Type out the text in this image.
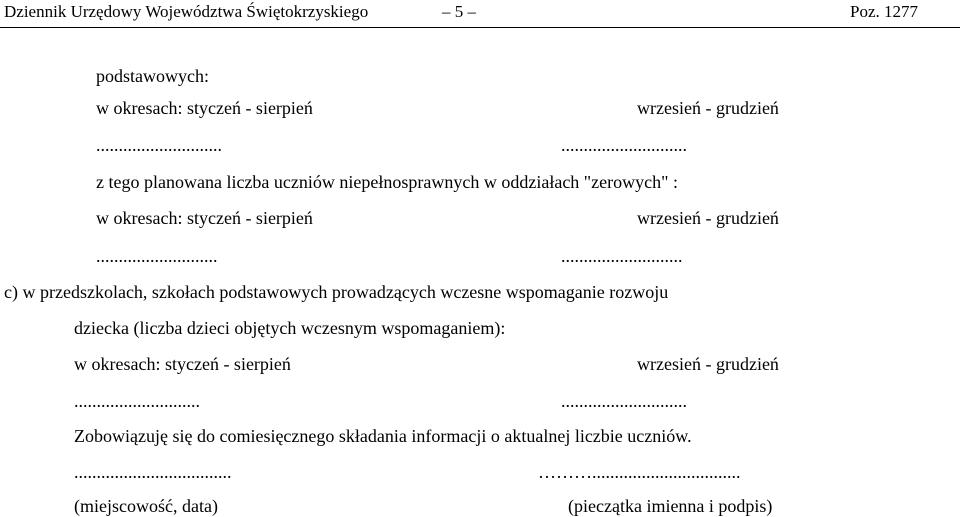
Dziennik Urzędowy Województwa Świętokrzyskiego	– 5 –	Poz. 1277
podstawowych:
w okresach: styczeń - sierpień	wrzesień - grudzień
............................	............................
z tego planowana liczba uczniów niepełnosprawnych w oddziałach "zerowych" :
w okresach: styczeń - sierpień	wrzesień - grudzień
...........................	...........................
c) w przedszkolach, szkołach podstawowych prowadzących wczesne wspomaganie rozwoju
dziecka (liczba dzieci objętych wczesnym wspomaganiem):
w okresach: styczeń - sierpień	wrzesień - grudzień
............................	............................
Zobowiązuję się do comiesięcznego składania informacji o aktualnej liczbie uczniów.
...................................	……….................................
(miejscowość, data)	(pieczątka imienna i podpis)
